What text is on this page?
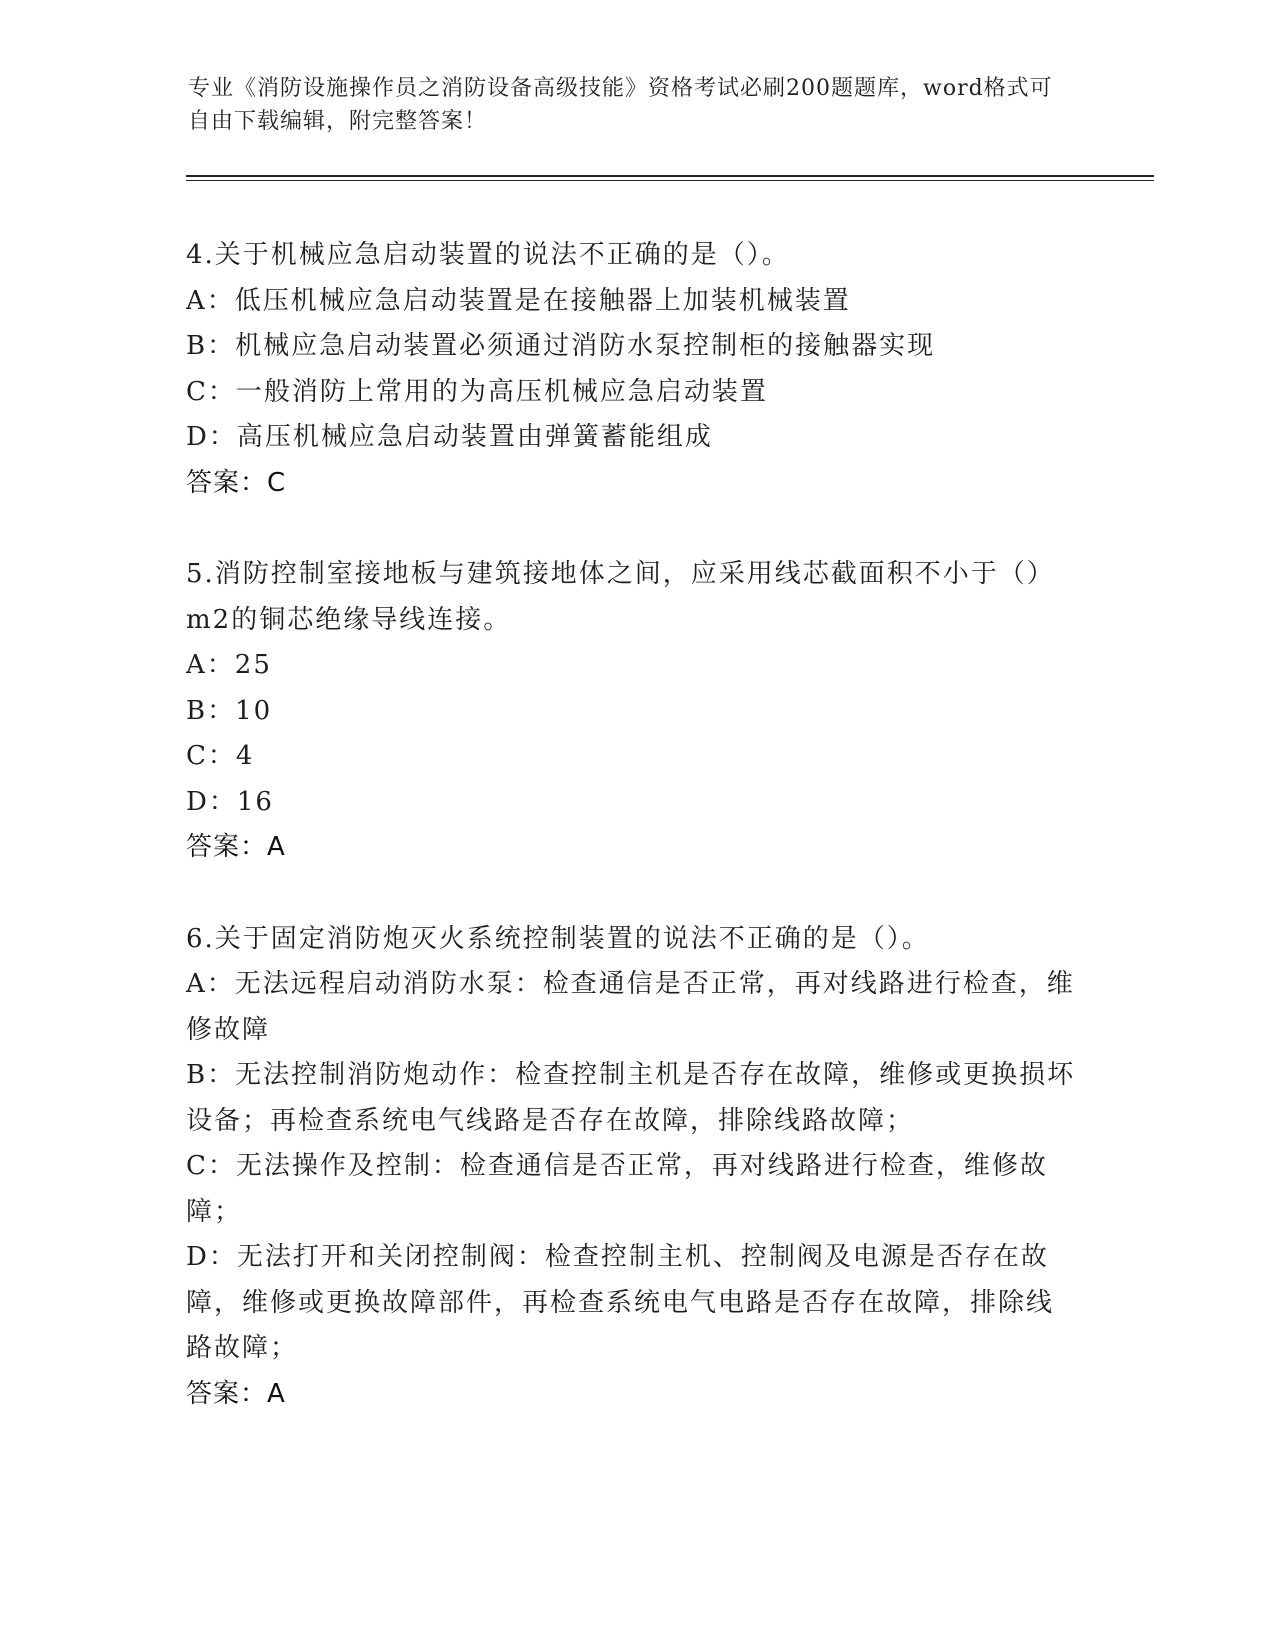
专业《消防设施操作员之消防设备高级技能》资格考试必刷200题题库，word格式可自由下载编辑，附完整答案！

4.关于机械应急启动装置的说法不正确的是（）。

A：低压机械应急启动装置是在接触器上加装机械装置

B：机械应急启动装置必须通过消防水泵控制柜的接触器实现

C：一般消防上常用的为高压机械应急启动装置

D：高压机械应急启动装置由弹簧蓄能组成

答案：C

5.消防控制室接地板与建筑接地体之间，应采用线芯截面积不小于（）m2的铜芯绝缘导线连接。

A：25

B：10

C：4

D：16

答案：A

6.关于固定消防炮灭火系统控制装置的说法不正确的是（）。

A：无法远程启动消防水泵：检查通信是否正常，再对线路进行检查，维修故障

B：无法控制消防炮动作：检查控制主机是否存在故障，维修或更换损坏设备；再检查系统电气线路是否存在故障，排除线路故障；

C：无法操作及控制：检查通信是否正常，再对线路进行检查，维修故障；

D：无法打开和关闭控制阀：检查控制主机、控制阀及电源是否存在故障，维修或更换故障部件，再检查系统电气电路是否存在故障，排除线路故障；

答案：A
